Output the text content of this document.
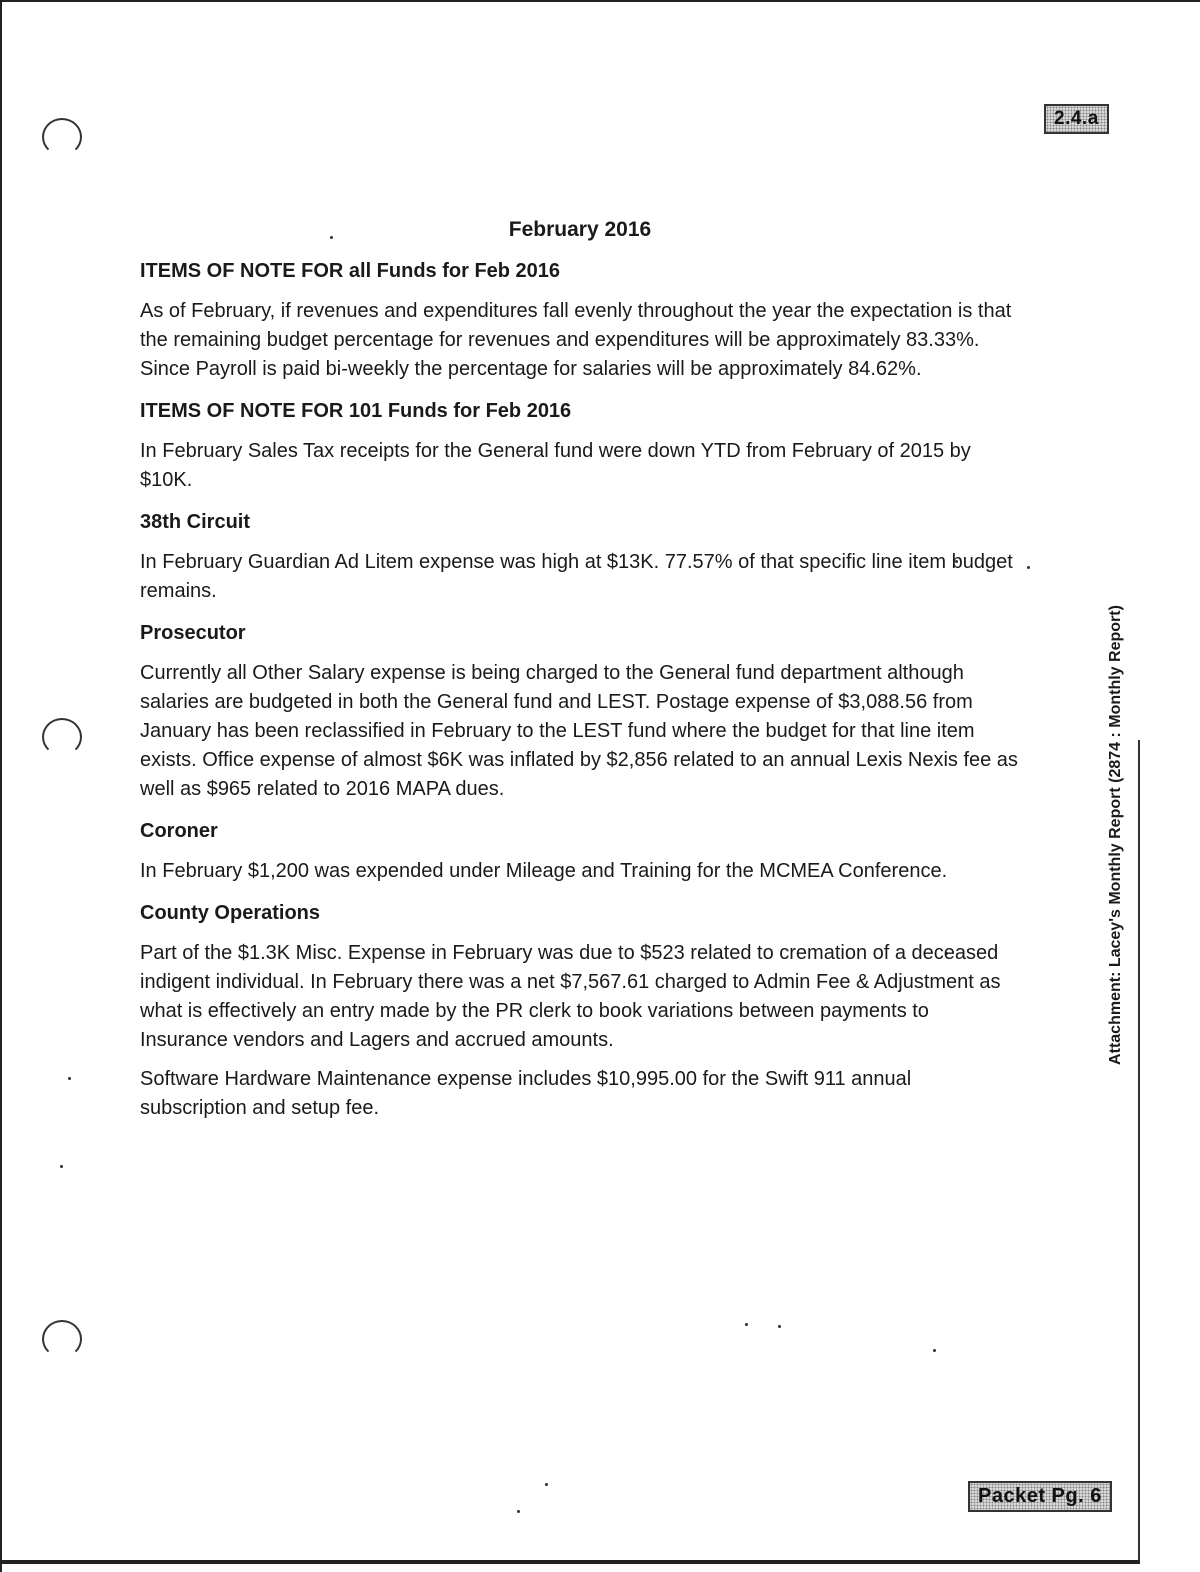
2.4.a
Packet Pg. 6
Attachment: Lacey's Monthly Report (2874 : Monthly Report)
February 2016
ITEMS OF NOTE FOR all Funds for Feb 2016

As of February, if revenues and expenditures fall evenly throughout the year the expectation is that the remaining budget percentage for revenues and expenditures will be approximately 83.33%. Since Payroll is paid bi-weekly the percentage for salaries will be approximately 84.62%.

ITEMS OF NOTE FOR 101 Funds for Feb 2016

In February Sales Tax receipts for the General fund were down YTD from February of 2015 by $10K.

38th Circuit

In February Guardian Ad Litem expense was high at $13K. 77.57% of that specific line item budget remains.

Prosecutor

Currently all Other Salary expense is being charged to the General fund department although salaries are budgeted in both the General fund and LEST. Postage expense of $3,088.56 from January has been reclassified in February to the LEST fund where the budget for that line item exists. Office expense of almost $6K was inflated by $2,856 related to an annual Lexis Nexis fee as well as $965 related to 2016 MAPA dues.

Coroner

In February $1,200 was expended under Mileage and Training for the MCMEA Conference.

County Operations

Part of the $1.3K Misc. Expense in February was due to $523 related to cremation of a deceased indigent individual. In February there was a net $7,567.61 charged to Admin Fee & Adjustment as what is effectively an entry made by the PR clerk to book variations between payments to Insurance vendors and Lagers and accrued amounts.

Software Hardware Maintenance expense includes $10,995.00 for the Swift 911 annual subscription and setup fee.
